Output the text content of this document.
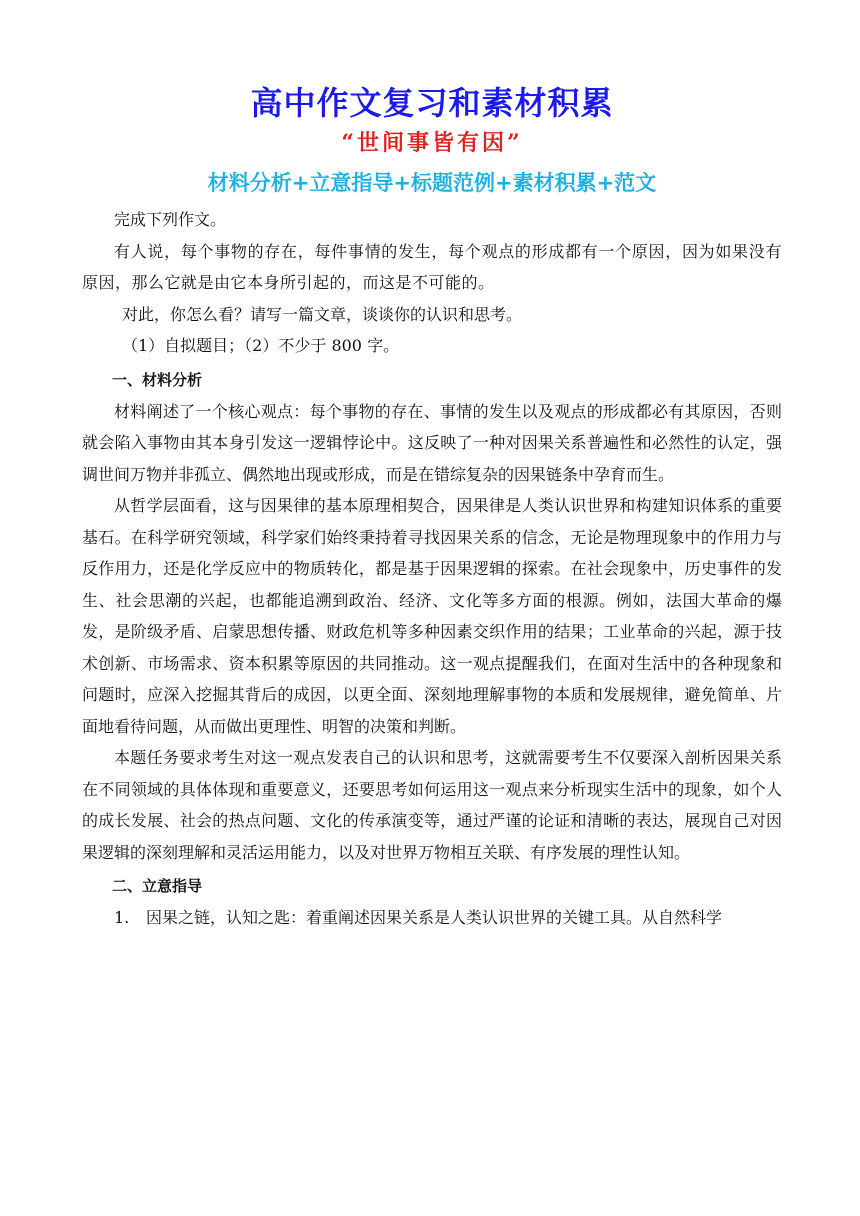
高中作文复习和素材积累
“世间事皆有因”
材料分析+立意指导+标题范例+素材积累+范文

完成下列作文。

有人说，每个事物的存在，每件事情的发生，每个观点的形成都有一个原因，因为如果没有原因，那么它就是由它本身所引起的，而这是不可能的。

对此，你怎么看？请写一篇文章，谈谈你的认识和思考。

（1）自拟题目；（2）不少于 800 字。

一、材料分析

材料阐述了一个核心观点：每个事物的存在、事情的发生以及观点的形成都必有其原因，否则就会陷入事物由其本身引发这一逻辑悖论中。这反映了一种对因果关系普遍性和必然性的认定，强调世间万物并非孤立、偶然地出现或形成，而是在错综复杂的因果链条中孕育而生。

从哲学层面看，这与因果律的基本原理相契合，因果律是人类认识世界和构建知识体系的重要基石。在科学研究领域，科学家们始终秉持着寻找因果关系的信念，无论是物理现象中的作用力与反作用力，还是化学反应中的物质转化，都是基于因果逻辑的探索。在社会现象中，历史事件的发生、社会思潮的兴起，也都能追溯到政治、经济、文化等多方面的根源。例如，法国大革命的爆发，是阶级矛盾、启蒙思想传播、财政危机等多种因素交织作用的结果；工业革命的兴起，源于技术创新、市场需求、资本积累等原因的共同推动。这一观点提醒我们，在面对生活中的各种现象和问题时，应深入挖掘其背后的成因，以更全面、深刻地理解事物的本质和发展规律，避免简单、片面地看待问题，从而做出更理性、明智的决策和判断。

本题任务要求考生对这一观点发表自己的认识和思考，这就需要考生不仅要深入剖析因果关系在不同领域的具体体现和重要意义，还要思考如何运用这一观点来分析现实生活中的现象，如个人的成长发展、社会的热点问题、文化的传承演变等，通过严谨的论证和清晰的表达，展现自己对因果逻辑的深刻理解和灵活运用能力，以及对世界万物相互关联、有序发展的理性认知。

二、立意指导

1. 因果之链，认知之匙：着重阐述因果关系是人类认识世界的关键工具。从自然科学
